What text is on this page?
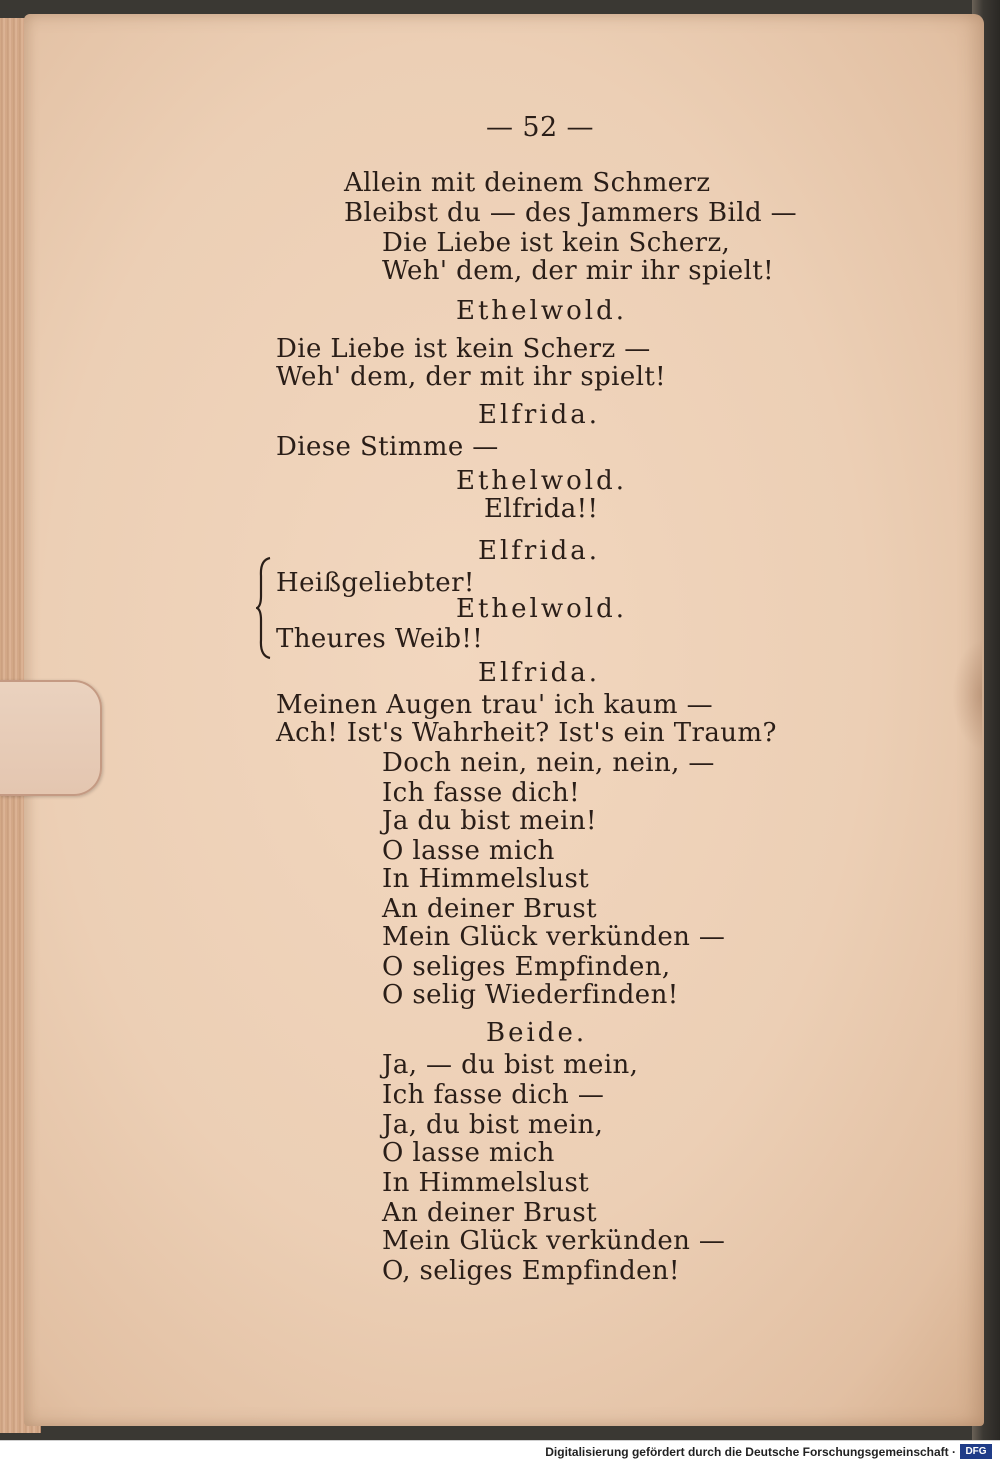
— 52 —
Allein mit deinem Schmerz
Bleibst du — des Jammers Bild —
Die Liebe ist kein Scherz,
Weh' dem, der mir ihr spielt!
Ethelwold.
Die Liebe ist kein Scherz —
Weh' dem, der mit ihr spielt!
Elfrida.
Diese Stimme —
Ethelwold.
Elfrida!!
Elfrida.
Heißgeliebter!
Ethelwold.
Theures Weib!!
Elfrida.
Meinen Augen trau' ich kaum —
Ach! Ist's Wahrheit? Ist's ein Traum?
Doch nein, nein, nein, —
Ich fasse dich!
Ja du bist mein!
O lasse mich
In Himmelslust
An deiner Brust
Mein Glück verkünden —
O seliges Empfinden,
O selig Wiederfinden!
Beide.
Ja, — du bist mein,
Ich fasse dich —
Ja, du bist mein,
O lasse mich
In Himmelslust
An deiner Brust
Mein Glück verkünden —
O, seliges Empfinden!
Digitalisierung gefördert durch die Deutsche Forschungsgemeinschaft · DFG
